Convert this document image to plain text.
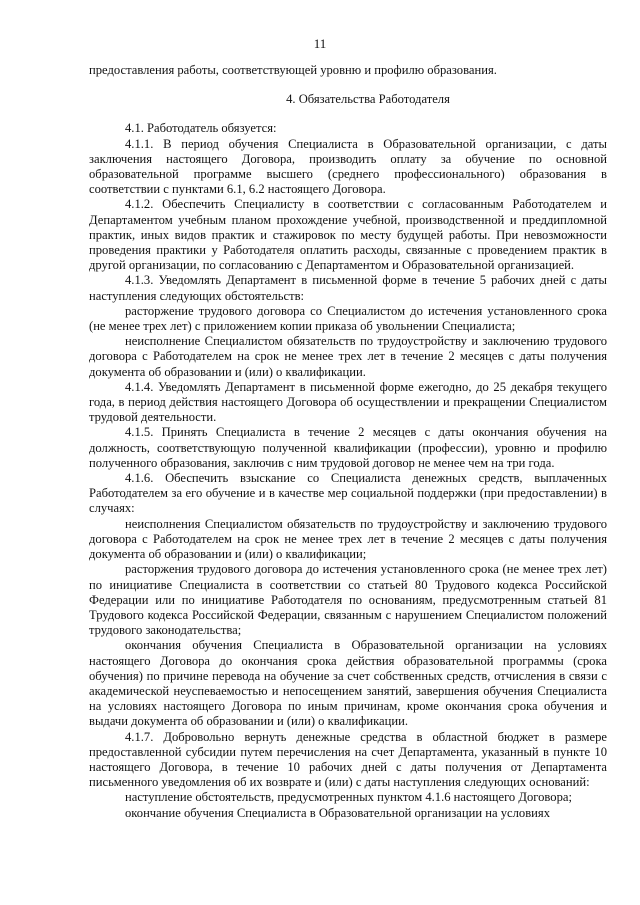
11

предоставления работы, соответствующей уровню и профилю образования.

4. Обязательства Работодателя

4.1. Работодатель обязуется:

4.1.1. В период обучения Специалиста в Образовательной организации, с даты заключения настоящего Договора, производить оплату за обучение по основной образовательной программе высшего (среднего профессионального) образования в соответствии с пунктами 6.1, 6.2 настоящего Договора.

4.1.2. Обеспечить Специалисту в соответствии с согласованным Работодателем и Департаментом учебным планом прохождение учебной, производственной и преддипломной практик, иных видов практик и стажировок по месту будущей работы. При невозможности проведения практики у Работодателя оплатить расходы, связанные с проведением практик в другой организации, по согласованию с Департаментом и Образовательной организацией.

4.1.3. Уведомлять Департамент в письменной форме в течение 5 рабочих дней с даты наступления следующих обстоятельств:

расторжение трудового договора со Специалистом до истечения установленного срока (не менее трех лет) с приложением копии приказа об увольнении Специалиста;

неисполнение Специалистом обязательств по трудоустройству и заключению трудового договора с Работодателем на срок не менее трех лет в течение 2 месяцев с даты получения документа об образовании и (или) о квалификации.

4.1.4. Уведомлять Департамент в письменной форме ежегодно, до 25 декабря текущего года, в период действия настоящего Договора об осуществлении и прекращении Специалистом трудовой деятельности.

4.1.5. Принять Специалиста в течение 2 месяцев с даты окончания обучения на должность, соответствующую полученной квалификации (профессии), уровню и профилю полученного образования, заключив с ним трудовой договор не менее чем на три года.

4.1.6. Обеспечить взыскание со Специалиста денежных средств, выплаченных Работодателем за его обучение и в качестве мер социальной поддержки (при предоставлении) в случаях:

неисполнения Специалистом обязательств по трудоустройству и заключению трудового договора с Работодателем на срок не менее трех лет в течение 2 месяцев с даты получения документа об образовании и (или) о квалификации;

расторжения трудового договора до истечения установленного срока (не менее трех лет) по инициативе Специалиста в соответствии со статьей 80 Трудового кодекса Российской Федерации или по инициативе Работодателя по основаниям, предусмотренным статьей 81 Трудового кодекса Российской Федерации, связанным с нарушением Специалистом положений трудового законодательства;

окончания обучения Специалиста в Образовательной организации на условиях настоящего Договора до окончания срока действия образовательной программы (срока обучения) по причине перевода на обучение за счет собственных средств, отчисления в связи с академической неуспеваемостью и непосещением занятий, завершения обучения Специалиста на условиях настоящего Договора по иным причинам, кроме окончания срока обучения и выдачи документа об образовании и (или) о квалификации.

4.1.7. Добровольно вернуть денежные средства в областной бюджет в размере предоставленной субсидии путем перечисления на счет Департамента, указанный в пункте 10 настоящего Договора, в течение 10 рабочих дней с даты получения от Департамента письменного уведомления об их возврате и (или) с даты наступления следующих оснований:

наступление обстоятельств, предусмотренных пунктом 4.1.6 настоящего Договора;

окончание обучения Специалиста в Образовательной организации на условиях
